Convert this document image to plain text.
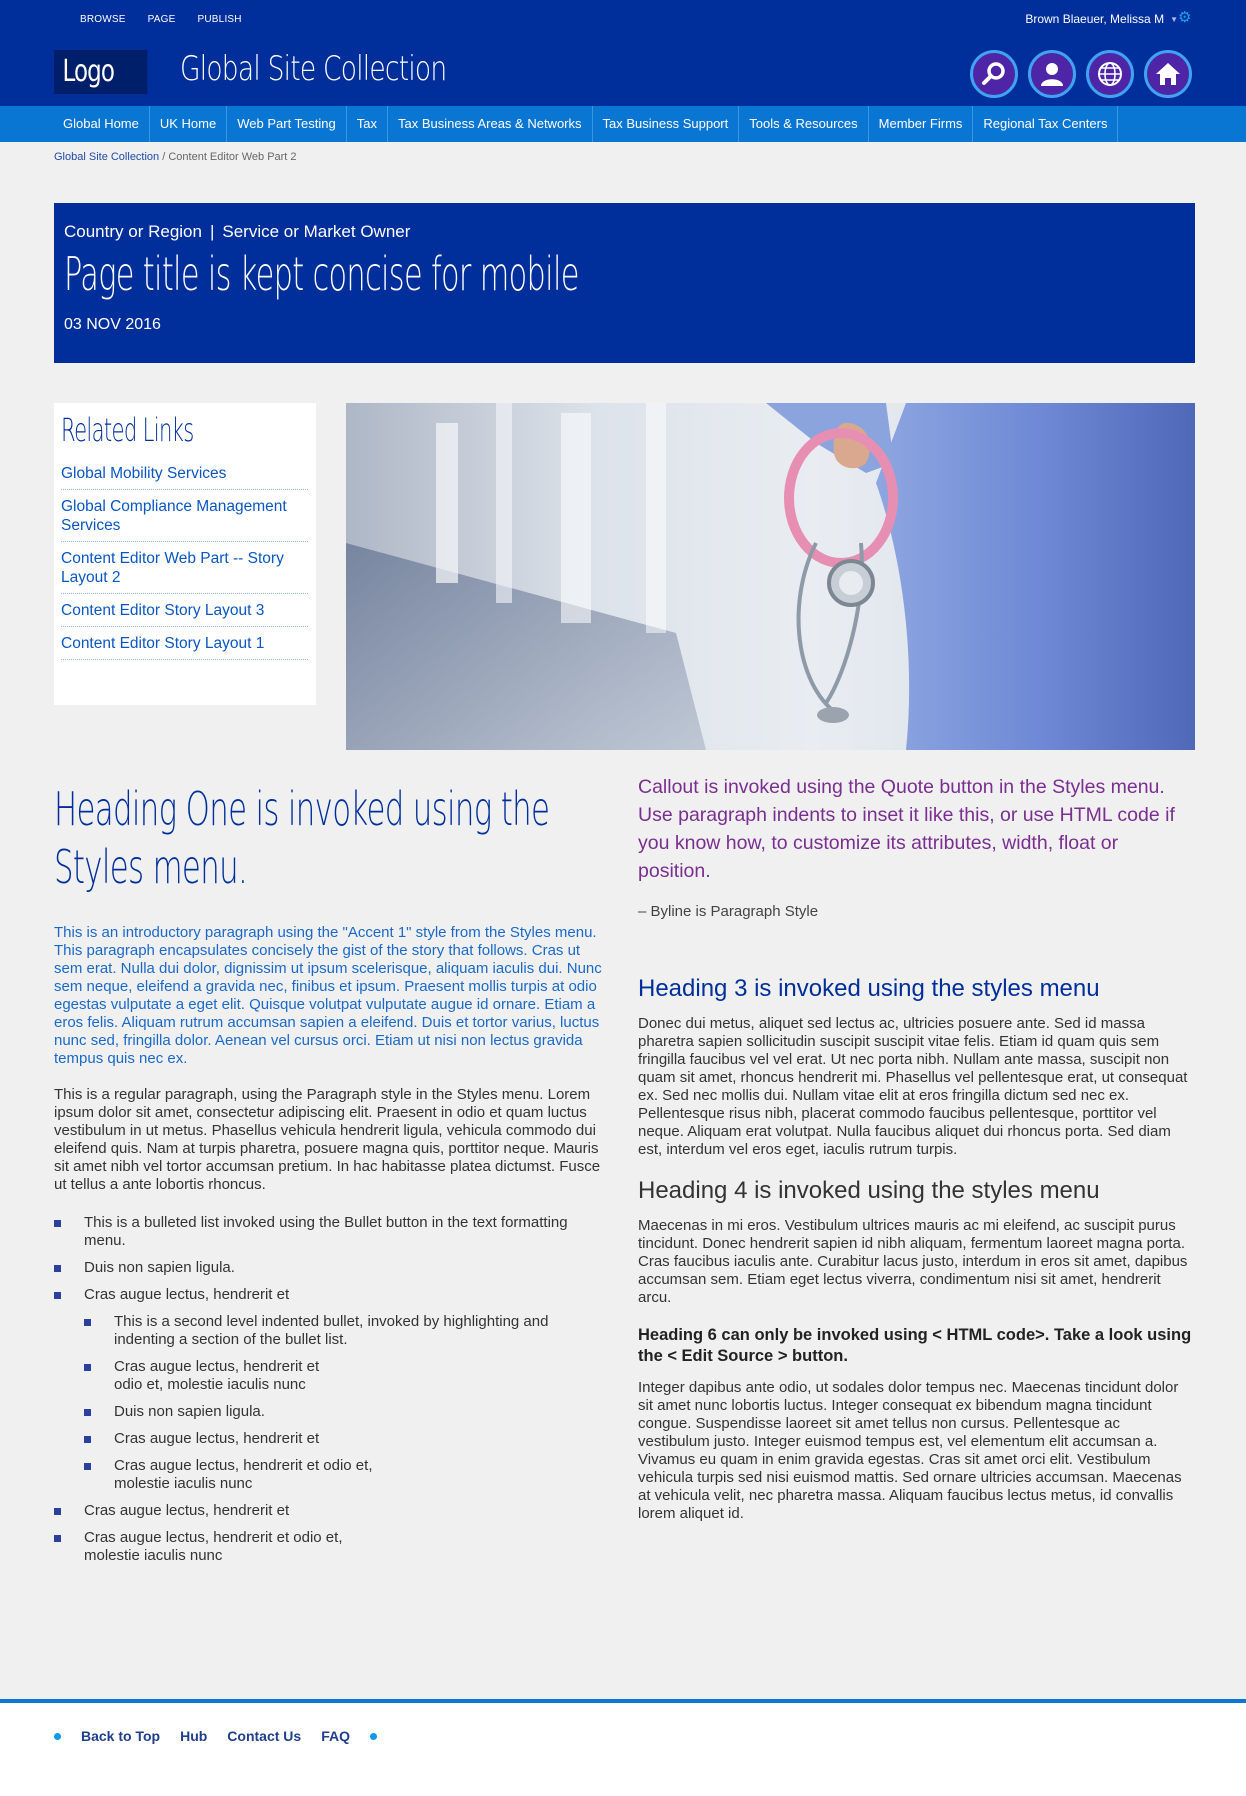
BROWSE PAGE PUBLISH	Brown Blaeuer, Melissa M ▼ ⚙
Logo	Global Site Collection
Global Home	UK Home	Web Part Testing	Tax	Tax Business Areas & Networks	Tax Business Support	Tools & Resources	Member Firms	Regional Tax Centers
Global Site Collection / Content Editor Web Part 2
Country or Region | Service or Market Owner
Page title is kept concise for mobile
03 NOV 2016
Related Links
Global Mobility Services
Global Compliance Management Services
Content Editor Web Part -- Story Layout 2
Content Editor Story Layout 3
Content Editor Story Layout 1
Heading One is invoked using the Styles menu.

This is an introductory paragraph using the "Accent 1" style from the Styles menu. This paragraph encapsulates concisely the gist of the story that follows. Cras ut sem erat. Nulla dui dolor, dignissim ut ipsum scelerisque, aliquam iaculis dui. Nunc sem neque, eleifend a gravida nec, finibus et ipsum. Praesent mollis turpis at odio egestas vulputate a eget elit. Quisque volutpat vulputate augue id ornare. Etiam a eros felis. Aliquam rutrum accumsan sapien a eleifend. Duis et tortor varius, luctus nunc sed, fringilla dolor. Aenean vel cursus orci. Etiam ut nisi non lectus gravida tempus quis nec ex.

This is a regular paragraph, using the Paragraph style in the Styles menu. Lorem ipsum dolor sit amet, consectetur adipiscing elit. Praesent in odio et quam luctus vestibulum in ut metus. Phasellus vehicula hendrerit ligula, vehicula commodo dui eleifend quis. Nam at turpis pharetra, posuere magna quis, porttitor neque. Mauris sit amet nibh vel tortor accumsan pretium. In hac habitasse platea dictumst. Fusce ut tellus a ante lobortis rhoncus.

This is a bulleted list invoked using the Bullet button in the text formatting menu.
Duis non sapien ligula.
Cras augue lectus, hendrerit et
This is a second level indented bullet, invoked by highlighting and indenting a section of the bullet list.
Cras augue lectus, hendrerit et odio et, molestie iaculis nunc
Duis non sapien ligula.
Cras augue lectus, hendrerit et
Cras augue lectus, hendrerit et odio et, molestie iaculis nunc
Cras augue lectus, hendrerit et
Cras augue lectus, hendrerit et odio et, molestie iaculis nunc

Callout is invoked using the Quote button in the Styles menu. Use paragraph indents to inset it like this, or use HTML code if you know how, to customize its attributes, width, float or position.

– Byline is Paragraph Style

Heading 3 is invoked using the styles menu

Donec dui metus, aliquet sed lectus ac, ultricies posuere ante. Sed id massa pharetra sapien sollicitudin suscipit suscipit vitae felis. Etiam id quam quis sem fringilla faucibus vel vel erat. Ut nec porta nibh. Nullam ante massa, suscipit non quam sit amet, rhoncus hendrerit mi. Phasellus vel pellentesque erat, ut consequat ex. Sed nec mollis dui. Nullam vitae elit at eros fringilla dictum sed nec ex. Pellentesque risus nibh, placerat commodo faucibus pellentesque, porttitor vel neque. Aliquam erat volutpat. Nulla faucibus aliquet dui rhoncus porta. Sed diam est, interdum vel eros eget, iaculis rutrum turpis.

Heading 4 is invoked using the styles menu

Maecenas in mi eros. Vestibulum ultrices mauris ac mi eleifend, ac suscipit purus tincidunt. Donec hendrerit sapien id nibh aliquam, fermentum laoreet magna porta. Cras faucibus iaculis ante. Curabitur lacus justo, interdum in eros sit amet, dapibus accumsan sem. Etiam eget lectus viverra, condimentum nisi sit amet, hendrerit arcu.

Heading 6 can only be invoked using < HTML code>. Take a look using the < Edit Source > button.

Integer dapibus ante odio, ut sodales dolor tempus nec. Maecenas tincidunt dolor sit amet nunc lobortis luctus. Integer consequat ex bibendum magna tincidunt congue. Suspendisse laoreet sit amet tellus non cursus. Pellentesque ac vestibulum justo. Integer euismod tempus est, vel elementum elit accumsan a. Vivamus eu quam in enim gravida egestas. Cras sit amet orci elit. Vestibulum vehicula turpis sed nisi euismod mattis. Sed ornare ultricies accumsan. Maecenas at vehicula velit, nec pharetra massa. Aliquam faucibus lectus metus, id convallis lorem aliquet id.

Back to Top Hub Contact Us FAQ
